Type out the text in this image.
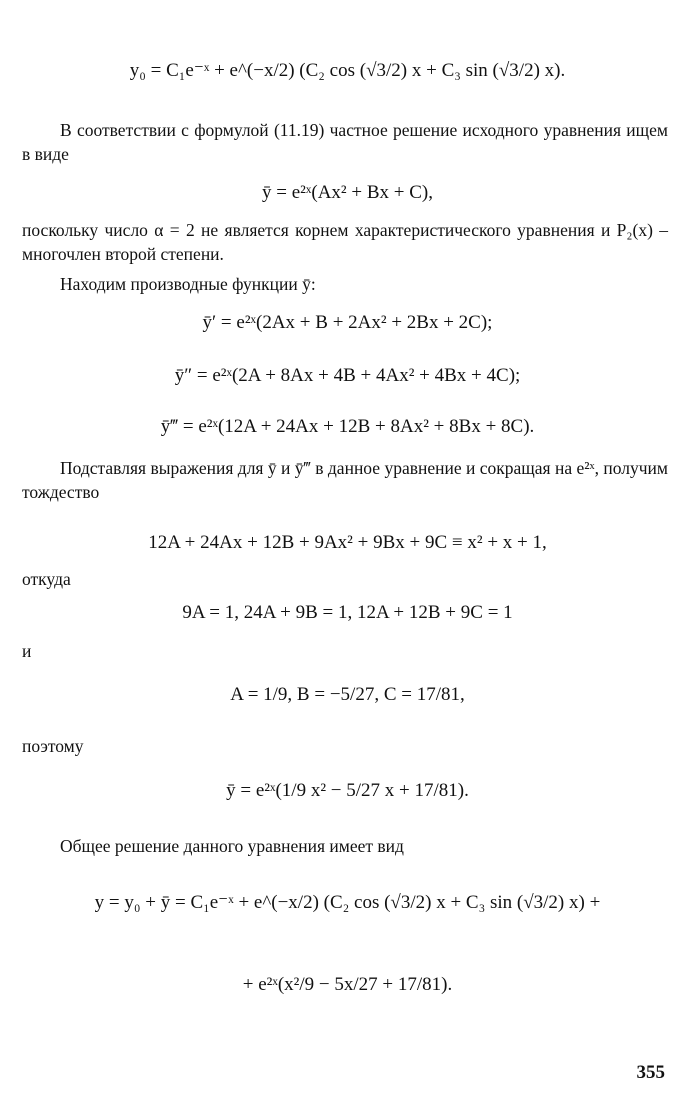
y₀ = C₁e⁻ˣ + e^(−x/2) (C₂ cos (√3/2) x + C₃ sin (√3/2) x).
В соответствии с формулой (11.19) частное решение исходного уравнения ищем в виде
ȳ = e²ˣ(Ax² + Bx + C),
поскольку число α = 2 не является корнем характеристического уравнения и P₂(x) – многочлен второй степени.
Находим производные функции ȳ:
ȳ′ = e²ˣ(2Ax + B + 2Ax² + 2Bx + 2C);
ȳ″ = e²ˣ(2A + 8Ax + 4B + 4Ax² + 4Bx + 4C);
ȳ‴ = e²ˣ(12A + 24Ax + 12B + 8Ax² + 8Bx + 8C).
Подставляя выражения для ȳ и ȳ‴ в данное уравнение и сокращая на e²ˣ, получим тождество
12A + 24Ax + 12B + 9Ax² + 9Bx + 9C ≡ x² + x + 1,
откуда
9A = 1, 24A + 9B = 1, 12A + 12B + 9C = 1
и
A = 1/9, B = −5/27, C = 17/81,
поэтому
ȳ = e²ˣ(1/9 x² − 5/27 x + 17/81).
Общее решение данного уравнения имеет вид
y = y₀ + ȳ = C₁e⁻ˣ + e^(−x/2) (C₂ cos (√3/2) x + C₃ sin (√3/2) x) +
+ e²ˣ(x²/9 − 5x/27 + 17/81).
355
